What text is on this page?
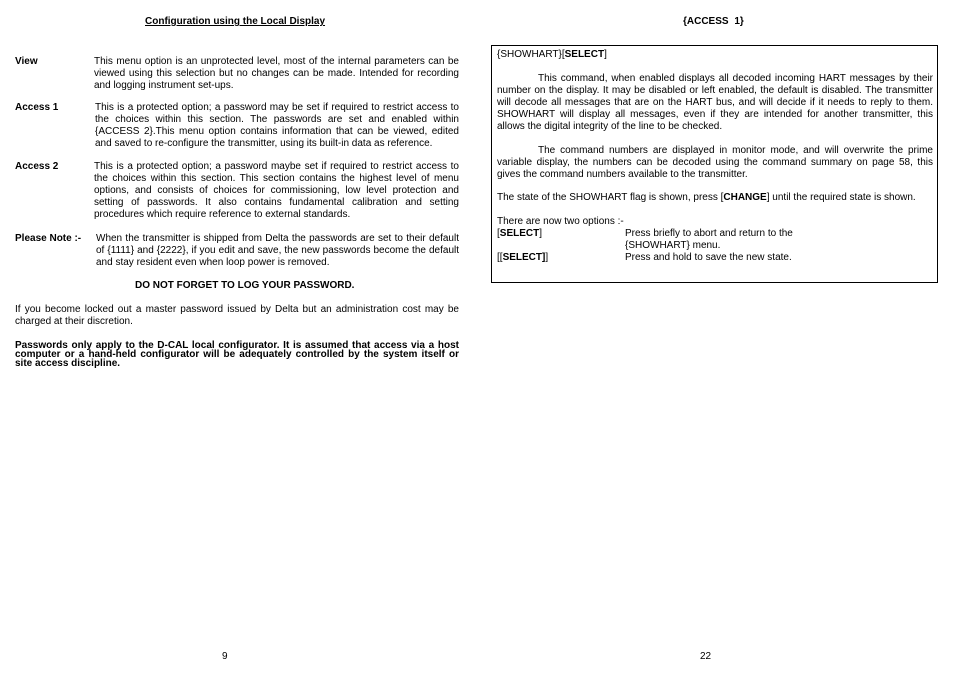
Configuration using the Local Display
View	This menu option is an unprotected level, most of the internal parameters can be viewed using this selection but no changes can be made. Intended for recording and logging instrument set-ups.
Access 1	This is a protected option; a password may be set if required to restrict access to the choices within this section. The passwords are set and enabled within {ACCESS 2}.This menu option contains information that can be viewed, edited and saved to re-configure the transmitter, using its built-in data as reference.
Access 2	This is a protected option; a password maybe set if required to restrict access to the choices within this section. This section contains the highest level of menu options, and consists of choices for commissioning, low level protection and setting of passwords. It also contains fundamental calibration and setting procedures which require reference to external standards.
Please Note :- When the transmitter is shipped from Delta the passwords are set to their default of {1111} and {2222}, if you edit and save, the new passwords become the default and stay resident even when loop power is removed.
DO NOT FORGET TO LOG YOUR PASSWORD.
If you become locked out a master password issued by Delta but an administration cost may be charged at their discretion.
Passwords only apply to the D-CAL local configurator. It is assumed that access via a host computer or a hand-held configurator will be adequately controlled by the system itself or site access discipline.
9
{ACCESS 1}
{SHOWHART}[SELECT]
This command, when enabled displays all decoded incoming HART messages by their number on the display. It may be disabled or left enabled, the default is disabled. The transmitter will decode all messages that are on the HART bus, and will decide if it needs to reply to them. SHOWHART will display all messages, even if they are intended for another transmitter, this allows the digital integrity of the line to be checked.
The command numbers are displayed in monitor mode, and will overwrite the prime variable display, the numbers can be decoded using the command summary on page 58, this gives the command numbers available to the transmitter.
The state of the SHOWHART flag is shown, press [CHANGE] until the required state is shown.
There are now two options :-
[SELECT]	Press briefly to abort and return to the
{SHOWHART} menu.
[[SELECT]]	Press and hold to save the new state.
22
